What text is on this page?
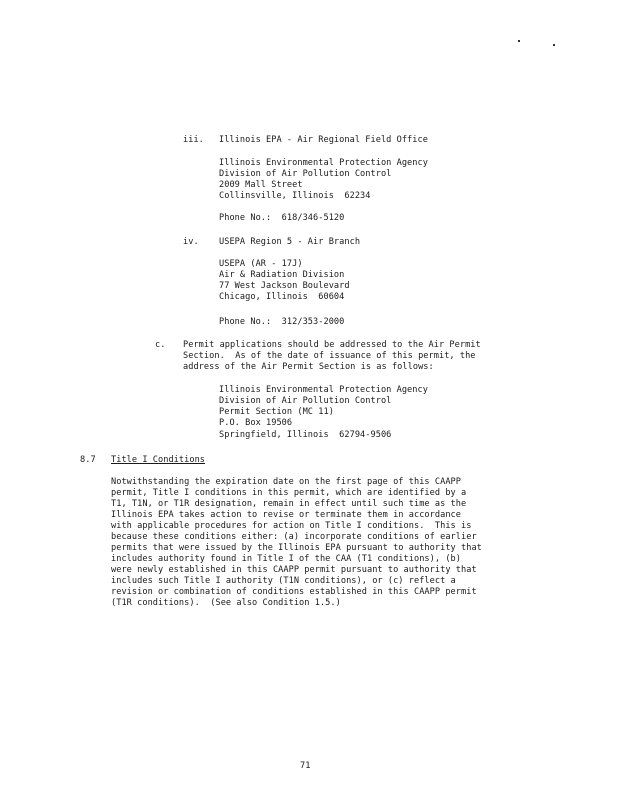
iii. Illinois EPA - Air Regional Field Office
Illinois Environmental Protection Agency
Division of Air Pollution Control
2009 Mall Street
Collinsville, Illinois  62234
Phone No.:  618/346-5120
iv. USEPA Region 5 - Air Branch
USEPA (AR - 17J)
Air & Radiation Division
77 West Jackson Boulevard
Chicago, Illinois  60604
Phone No.:  312/353-2000
c. Permit applications should be addressed to the Air Permit
Section.  As of the date of issuance of this permit, the
address of the Air Permit Section is as follows:
Illinois Environmental Protection Agency
Division of Air Pollution Control
Permit Section (MC 11)
P.O. Box 19506
Springfield, Illinois  62794-9506
8.7 Title I Conditions
Notwithstanding the expiration date on the first page of this CAAPP
permit, Title I conditions in this permit, which are identified by a
T1, T1N, or T1R designation, remain in effect until such time as the
Illinois EPA takes action to revise or terminate them in accordance
with applicable procedures for action on Title I conditions.  This is
because these conditions either: (a) incorporate conditions of earlier
permits that were issued by the Illinois EPA pursuant to authority that
includes authority found in Title I of the CAA (T1 conditions), (b)
were newly established in this CAAPP permit pursuant to authority that
includes such Title I authority (T1N conditions), or (c) reflect a
revision or combination of conditions established in this CAAPP permit
(T1R conditions).  (See also Condition 1.5.)
71
